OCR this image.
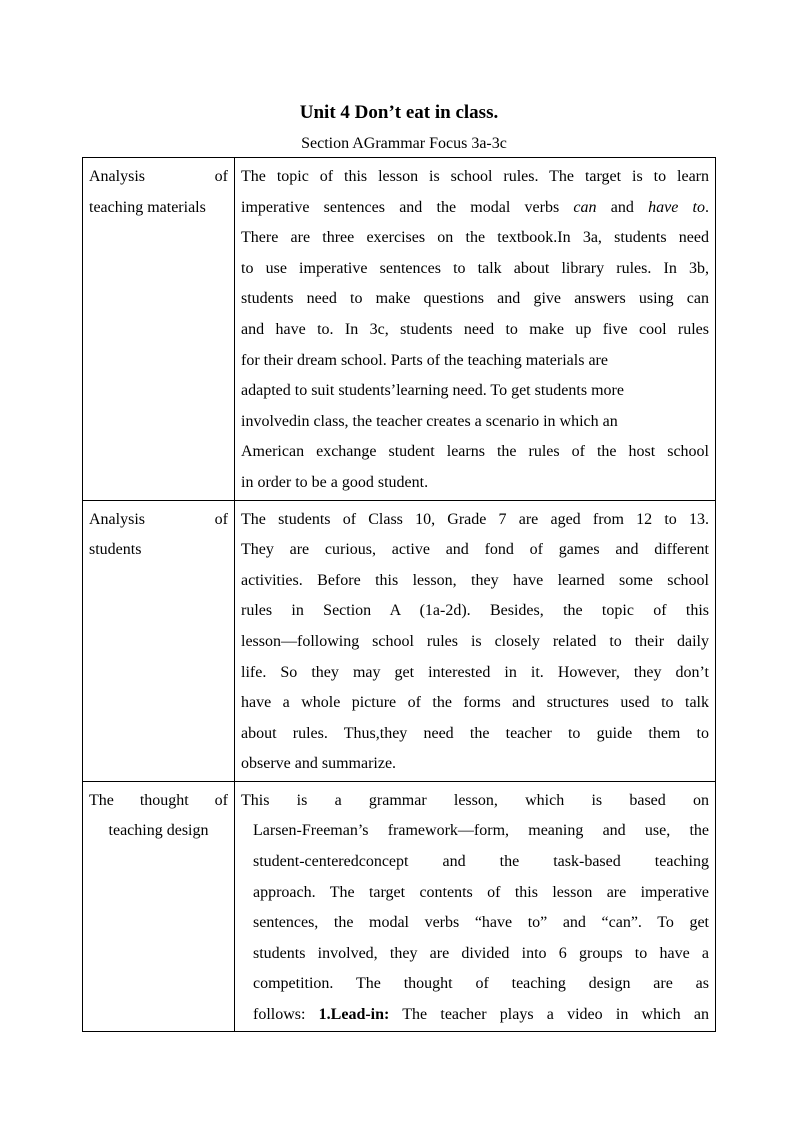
Unit 4 Don’t eat in class.
Section AGrammar Focus 3a-3c
Analysis of
teaching materials

The topic of this lesson is school rules. The target is to learn
imperative sentences and the modal verbs can and have to.
There are three exercises on the textbook.In 3a, students need
to use imperative sentences to talk about library rules. In 3b,
students need to make questions and give answers using can
and have to. In 3c, students need to make up five cool rules
for their dream school. Parts of the teaching materials are
adapted to suit students’learning need. To get students more
involvedin class, the teacher creates a scenario in which an
American exchange student learns the rules of the host school
in order to be a good student.

Analysis of
students

The students of Class 10, Grade 7 are aged from 12 to 13.
They are curious, active and fond of games and different
activities. Before this lesson, they have learned some school
rules in Section A (1a-2d). Besides, the topic of this
lesson—following school rules is closely related to their daily
life. So they may get interested in it. However, they don’t
have a whole picture of the forms and structures used to talk
about rules. Thus,they need the teacher to guide them to
observe and summarize.

The thought of
teaching design

This is a grammar lesson, which is based on
Larsen-Freeman’s framework—form, meaning and use, the
student-centeredconcept and the task-based teaching
approach. The target contents of this lesson are imperative
sentences, the modal verbs “have to” and “can”. To get
students involved, they are divided into 6 groups to have a
competition. The thought of teaching design are as
follows: 1.Lead-in: The teacher plays a video in which an
